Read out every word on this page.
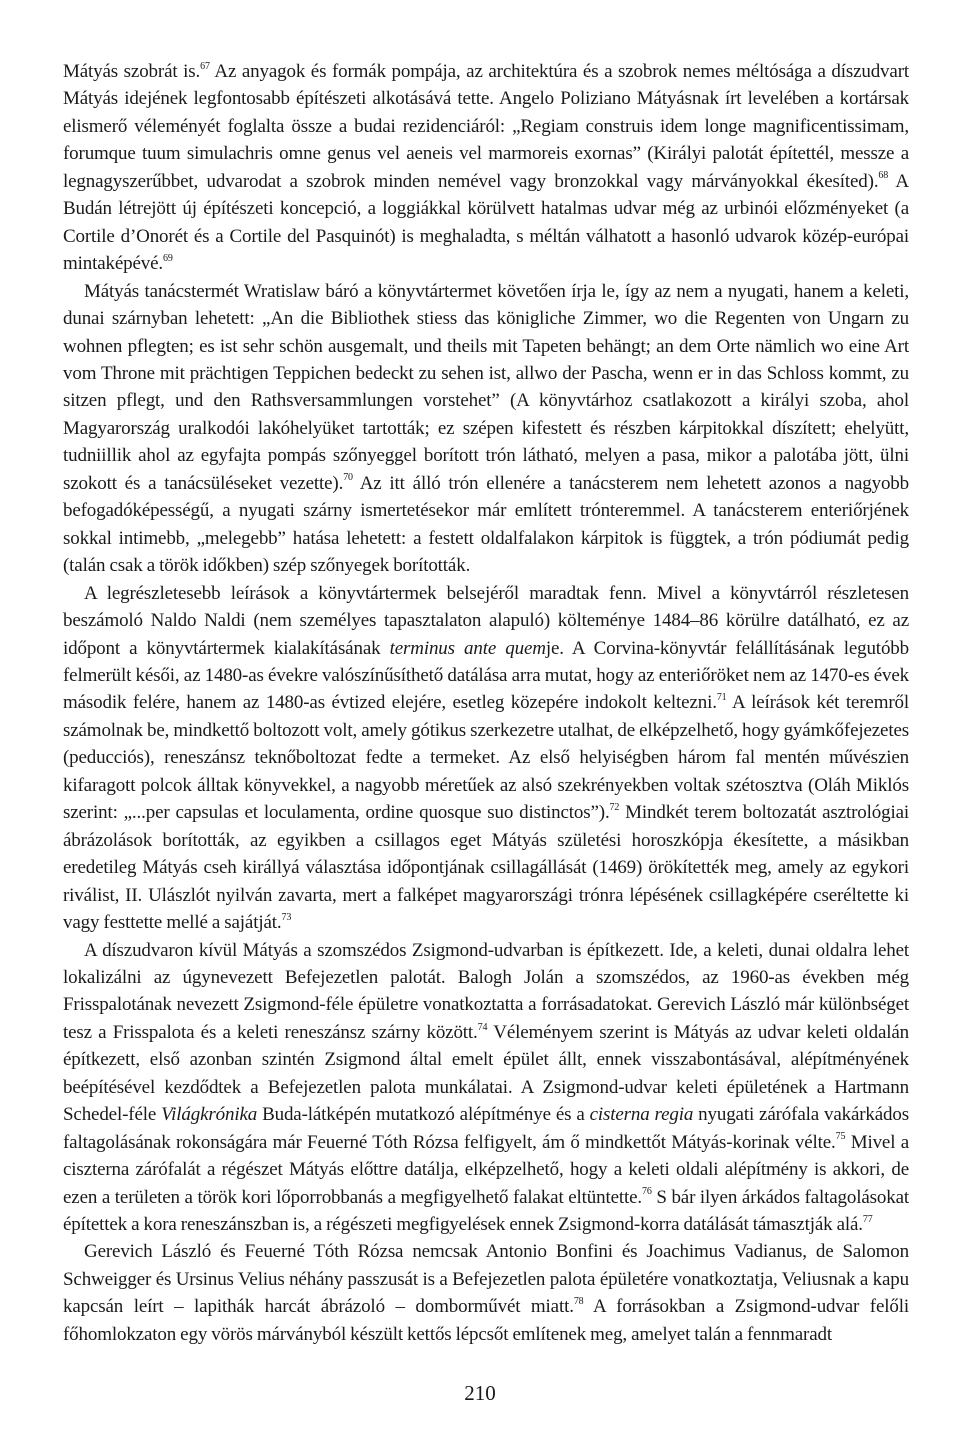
Mátyás szobrát is.$^{67}$ Az anyagok és formák pompája, az architektúra és a szobrok nemes méltósága a díszudvart Mátyás idejének legfontosabb építészeti alkotásává tette. Angelo Poliziano Mátyásnak írt levelében a kortársak elismerő véleményét foglalta össze a budai rezidenciáról: „Regiam construis idem longe magnificentissimam, forumque tuum simulachris omne genus vel aeneis vel marmoreis exornas” (Királyi palotát építettél, messze a legnagyszerűbbet, udvarodat a szobrok minden nemével vagy bronzokkal vagy márványokkal ékesíted).$^{68}$ A Budán létrejött új építészeti koncepció, a loggiákkal körülvett hatalmas udvar még az urbinói előzményeket (a Cortile d’Onorét és a Cortile del Pasquinót) is meghaladta, s méltán válhatott a hasonló udvarok közép-európai mintaképévé.$^{69}$

Mátyás tanácstermét Wratislaw báró a könyvtártermet követően írja le, így az nem a nyugati, hanem a keleti, dunai szárnyban lehetett: „An die Bibliothek stiess das königliche Zimmer, wo die Regenten von Ungarn zu wohnen pflegten; es ist sehr schön ausgemalt, und theils mit Tapeten behängt; an dem Orte nämlich wo eine Art vom Throne mit prächtigen Teppichen bedeckt zu sehen ist, allwo der Pascha, wenn er in das Schloss kommt, zu sitzen pflegt, und den Rathsversammlungen vorstehet” (A könyvtárhoz csatlakozott a királyi szoba, ahol Magyarország uralkodói lakóhelyüket tartották; ez szépen kifestett és részben kárpitokkal díszített; ehelyütt, tudniillik ahol az egyfajta pompás szőnyeggel borított trón látható, melyen a pasa, mikor a palotába jött, ülni szokott és a tanácsüléseket vezette).$^{70}$ Az itt álló trón ellenére a tanácsterem nem lehetett azonos a nagyobb befogadóképességű, a nyugati szárny ismertetésekor már említett trónteremmel. A tanácsterem enteriőrjének sokkal intimebb, „melegebb” hatása lehetett: a festett oldalfalakon kárpitok is függtek, a trón pódiumát pedig (talán csak a török időkben) szép szőnyegek borították.

A legrészletesebb leírások a könyvtártermek belsejéről maradtak fenn. Mivel a könyvtárról részletesen beszámoló Naldo Naldi (nem személyes tapasztalaton alapuló) költeménye 1484–86 körülre datálható, ez az időpont a könyvtártermek kialakításának terminus ante quemje. A Corvina-könyvtár felállításának legutóbb felmerült késői, az 1480-as évekre valószínűsíthető datálása arra mutat, hogy az enteriőröket nem az 1470-es évek második felére, hanem az 1480-as évtized elejére, esetleg közepére indokolt keltezni.$^{71}$ A leírások két teremről számolnak be, mindkettő boltozott volt, amely gótikus szerkezetre utalhat, de elképzelhető, hogy gyámkőfejezetes (peducciós), reneszánsz teknőboltozat fedte a termeket. Az első helyiségben három fal mentén művészien kifaragott polcok álltak könyvekkel, a nagyobb méretűek az alsó szekrényekben voltak szétosztva (Oláh Miklós szerint: „...per capsulas et loculamenta, ordine quosque suo distinctos”).$^{72}$ Mindkét terem boltozatát asztrológiai ábrázolások borították, az egyikben a csillagos eget Mátyás születési horoszkópja ékesítette, a másikban eredetileg Mátyás cseh királlyá választása időpontjának csillagállását (1469) örökítették meg, amely az egykori riválist, II. Ulászlót nyilván zavarta, mert a falképet magyarországi trónra lépésének csillagképére cseréltette ki vagy festtette mellé a sajátját.$^{73}$

A díszudvaron kívül Mátyás a szomszédos Zsigmond-udvarban is építkezett. Ide, a keleti, dunai oldalra lehet lokalizálni az úgynevezett Befejezetlen palotát. Balogh Jolán a szomszédos, az 1960-as években még Frisspalotának nevezett Zsigmond-féle épületre vonatkoztatta a forrásadatokat. Gerevich László már különbséget tesz a Frisspalota és a keleti reneszánsz szárny között.$^{74}$ Véleményem szerint is Mátyás az udvar keleti oldalán építkezett, első azonban szintén Zsigmond által emelt épület állt, ennek visszabontásával, alépítményének beépítésével kezdődtek a Befejezetlen palota munkálatai. A Zsigmond-udvar keleti épületének a Hartmann Schedel-féle Világkrónika Buda-látképén mutatkozó alépítménye és a cisterna regia nyugati zárófala vakárkádos faltagolásának rokonságára már Feuerné Tóth Rózsa felfigyelt, ám ő mindkettőt Mátyás-korinak vélte.$^{75}$ Mivel a ciszterna zárófalát a régészet Mátyás előttre datálja, elképzelhető, hogy a keleti oldali alépítmény is akkori, de ezen a területen a török kori lőporrobbanás a megfigyelhető falakat eltüntette.$^{76}$ S bár ilyen árkádos faltagolásokat építettek a kora reneszánszban is, a régészeti megfigyelések ennek Zsigmond-korra datálását támasztják alá.$^{77}$

Gerevich László és Feuerné Tóth Rózsa nemcsak Antonio Bonfini és Joachimus Vadianus, de Salomon Schweigger és Ursinus Velius néhány passzusát is a Befejezetlen palota épületére vonatkoztatja, Veliusnak a kapu kapcsán leírt – lapithák harcát ábrázoló – domborművét miatt.$^{78}$ A forrásokban a Zsigmond-udvar felőli főhomlokzaton egy vörös márványból készült kettős lépcsőt említenek meg, amelyet talán a fennmaradt

210
